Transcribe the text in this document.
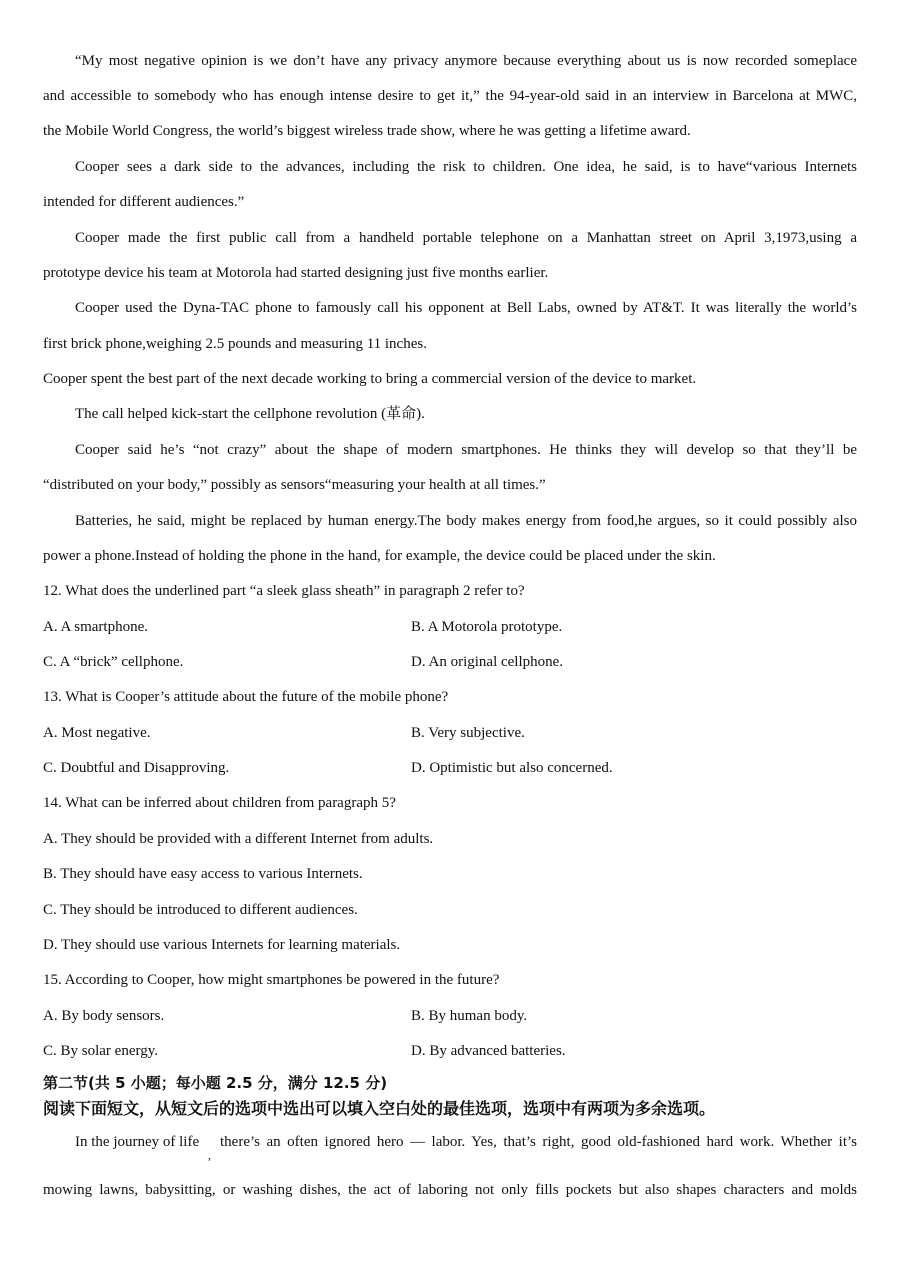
“My most negative opinion is we don’t have any privacy anymore because everything about us is now recorded someplace
and accessible to somebody who has enough intense desire to get it,” the 94-year-old said in an interview in Barcelona at MWC,
the Mobile World Congress, the world’s biggest wireless trade show, where he was getting a lifetime award.
Cooper sees a dark side to the advances, including the risk to children. One idea, he said, is to have“various Internets
intended for different audiences.”
Cooper made the first public call from a handheld portable telephone on a Manhattan street on April 3,1973,using a
prototype device his team at Motorola had started designing just five months earlier.
Cooper used the Dyna-TAC phone to famously call his opponent at Bell Labs, owned by AT&T. It was literally the world’s
first brick phone,weighing 2.5 pounds and measuring 11 inches.
Cooper spent the best part of the next decade working to bring a commercial version of the device to market.
The call helped kick-start the cellphone revolution (革命).
Cooper said he’s “not crazy” about the shape of modern smartphones. He thinks they will develop so that they’ll be
“distributed on your body,” possibly as sensors“measuring your health at all times.”
Batteries, he said, might be replaced by human energy.The body makes energy from food,he argues, so it could possibly also
power a phone.Instead of holding the phone in the hand, for example, the device could be placed under the skin.
12. What does the underlined part “a sleek glass sheath” in paragraph 2 refer to?
A. A smartphone.	B. A Motorola prototype.
C. A “brick” cellphone.	D. An original cellphone.
13. What is Cooper’s attitude about the future of the mobile phone?
A. Most negative.	B. Very subjective.
C. Doubtful and Disapproving.	D. Optimistic but also concerned.
14. What can be inferred about children from paragraph 5?
A. They should be provided with a different Internet from adults.
B. They should have easy access to various Internets.
C. They should be introduced to different audiences.
D. They should use various Internets for learning materials.
15. According to Cooper, how might smartphones be powered in the future?
A. By body sensors.	B. By human body.
C. By solar energy.	D. By advanced batteries.
第二节(共 5 小题；每小题 2.5 分，满分 12.5 分)
阅读下面短文，从短文后的选项中选出可以填入空白处的最佳选项，选项中有两项为多余选项。
In the journey of life
,
there’s an often ignored hero — labor. Yes, that’s right, good old-fashioned hard work. Whether it’s
mowing lawns, babysitting, or washing dishes, the act of laboring not only fills pockets but also shapes characters and molds
